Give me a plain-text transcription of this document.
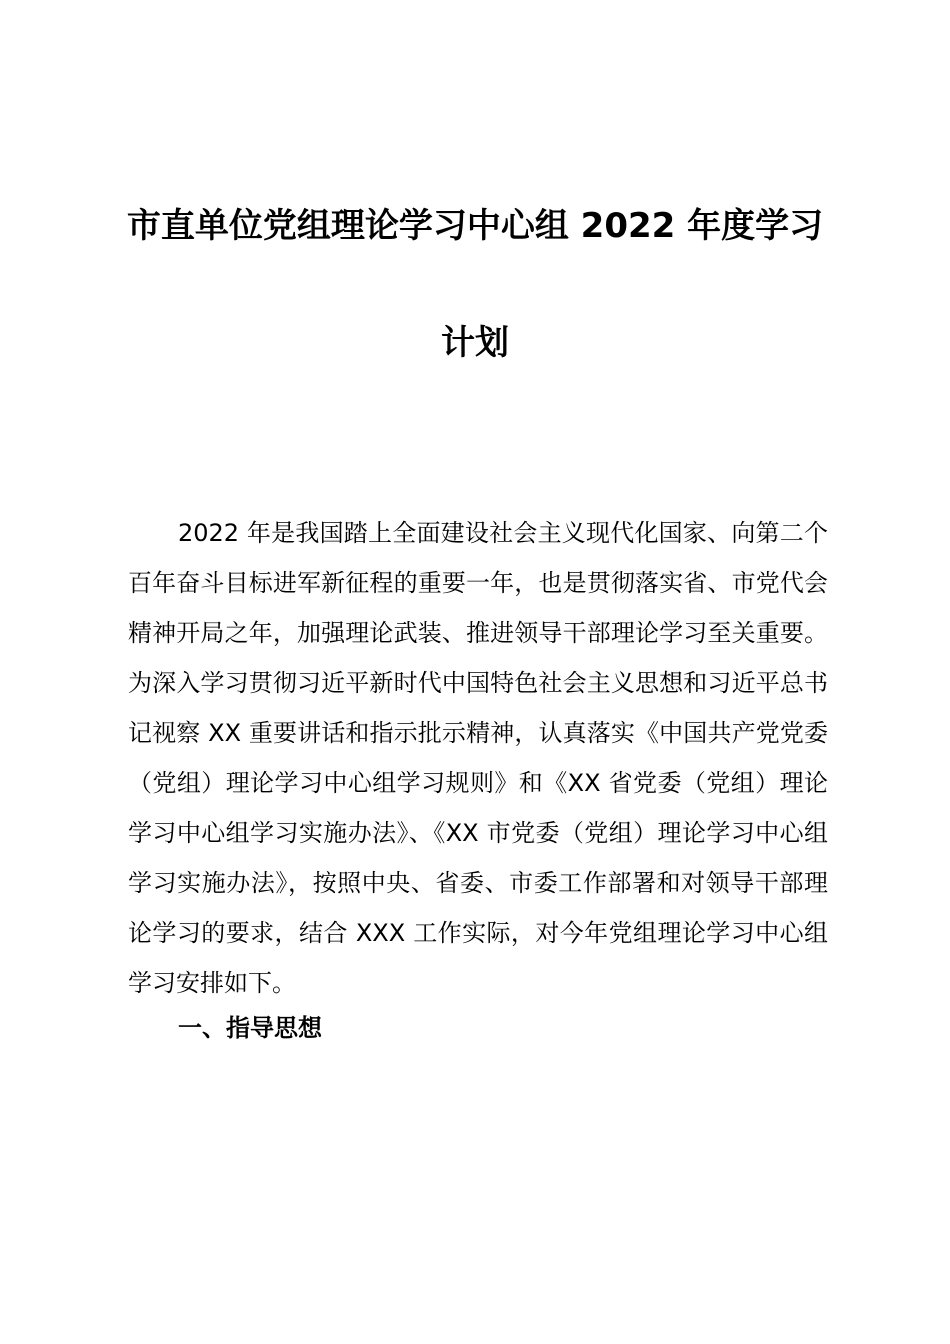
市直单位党组理论学习中心组 2022 年度学习
计划

2022 年是我国踏上全面建设社会主义现代化国家、向第二个百年奋斗目标进军新征程的重要一年，也是贯彻落实省、市党代会精神开局之年，加强理论武装、推进领导干部理论学习至关重要。为深入学习贯彻习近平新时代中国特色社会主义思想和习近平总书记视察 XX 重要讲话和指示批示精神，认真落实《中国共产党党委（党组）理论学习中心组学习规则》和《XX 省党委（党组）理论学习中心组学习实施办法》、《XX 市党委（党组）理论学习中心组学习实施办法》，按照中央、省委、市委工作部署和对领导干部理论学习的要求，结合 XXX 工作实际，对今年党组理论学习中心组学习安排如下。

一、指导思想
